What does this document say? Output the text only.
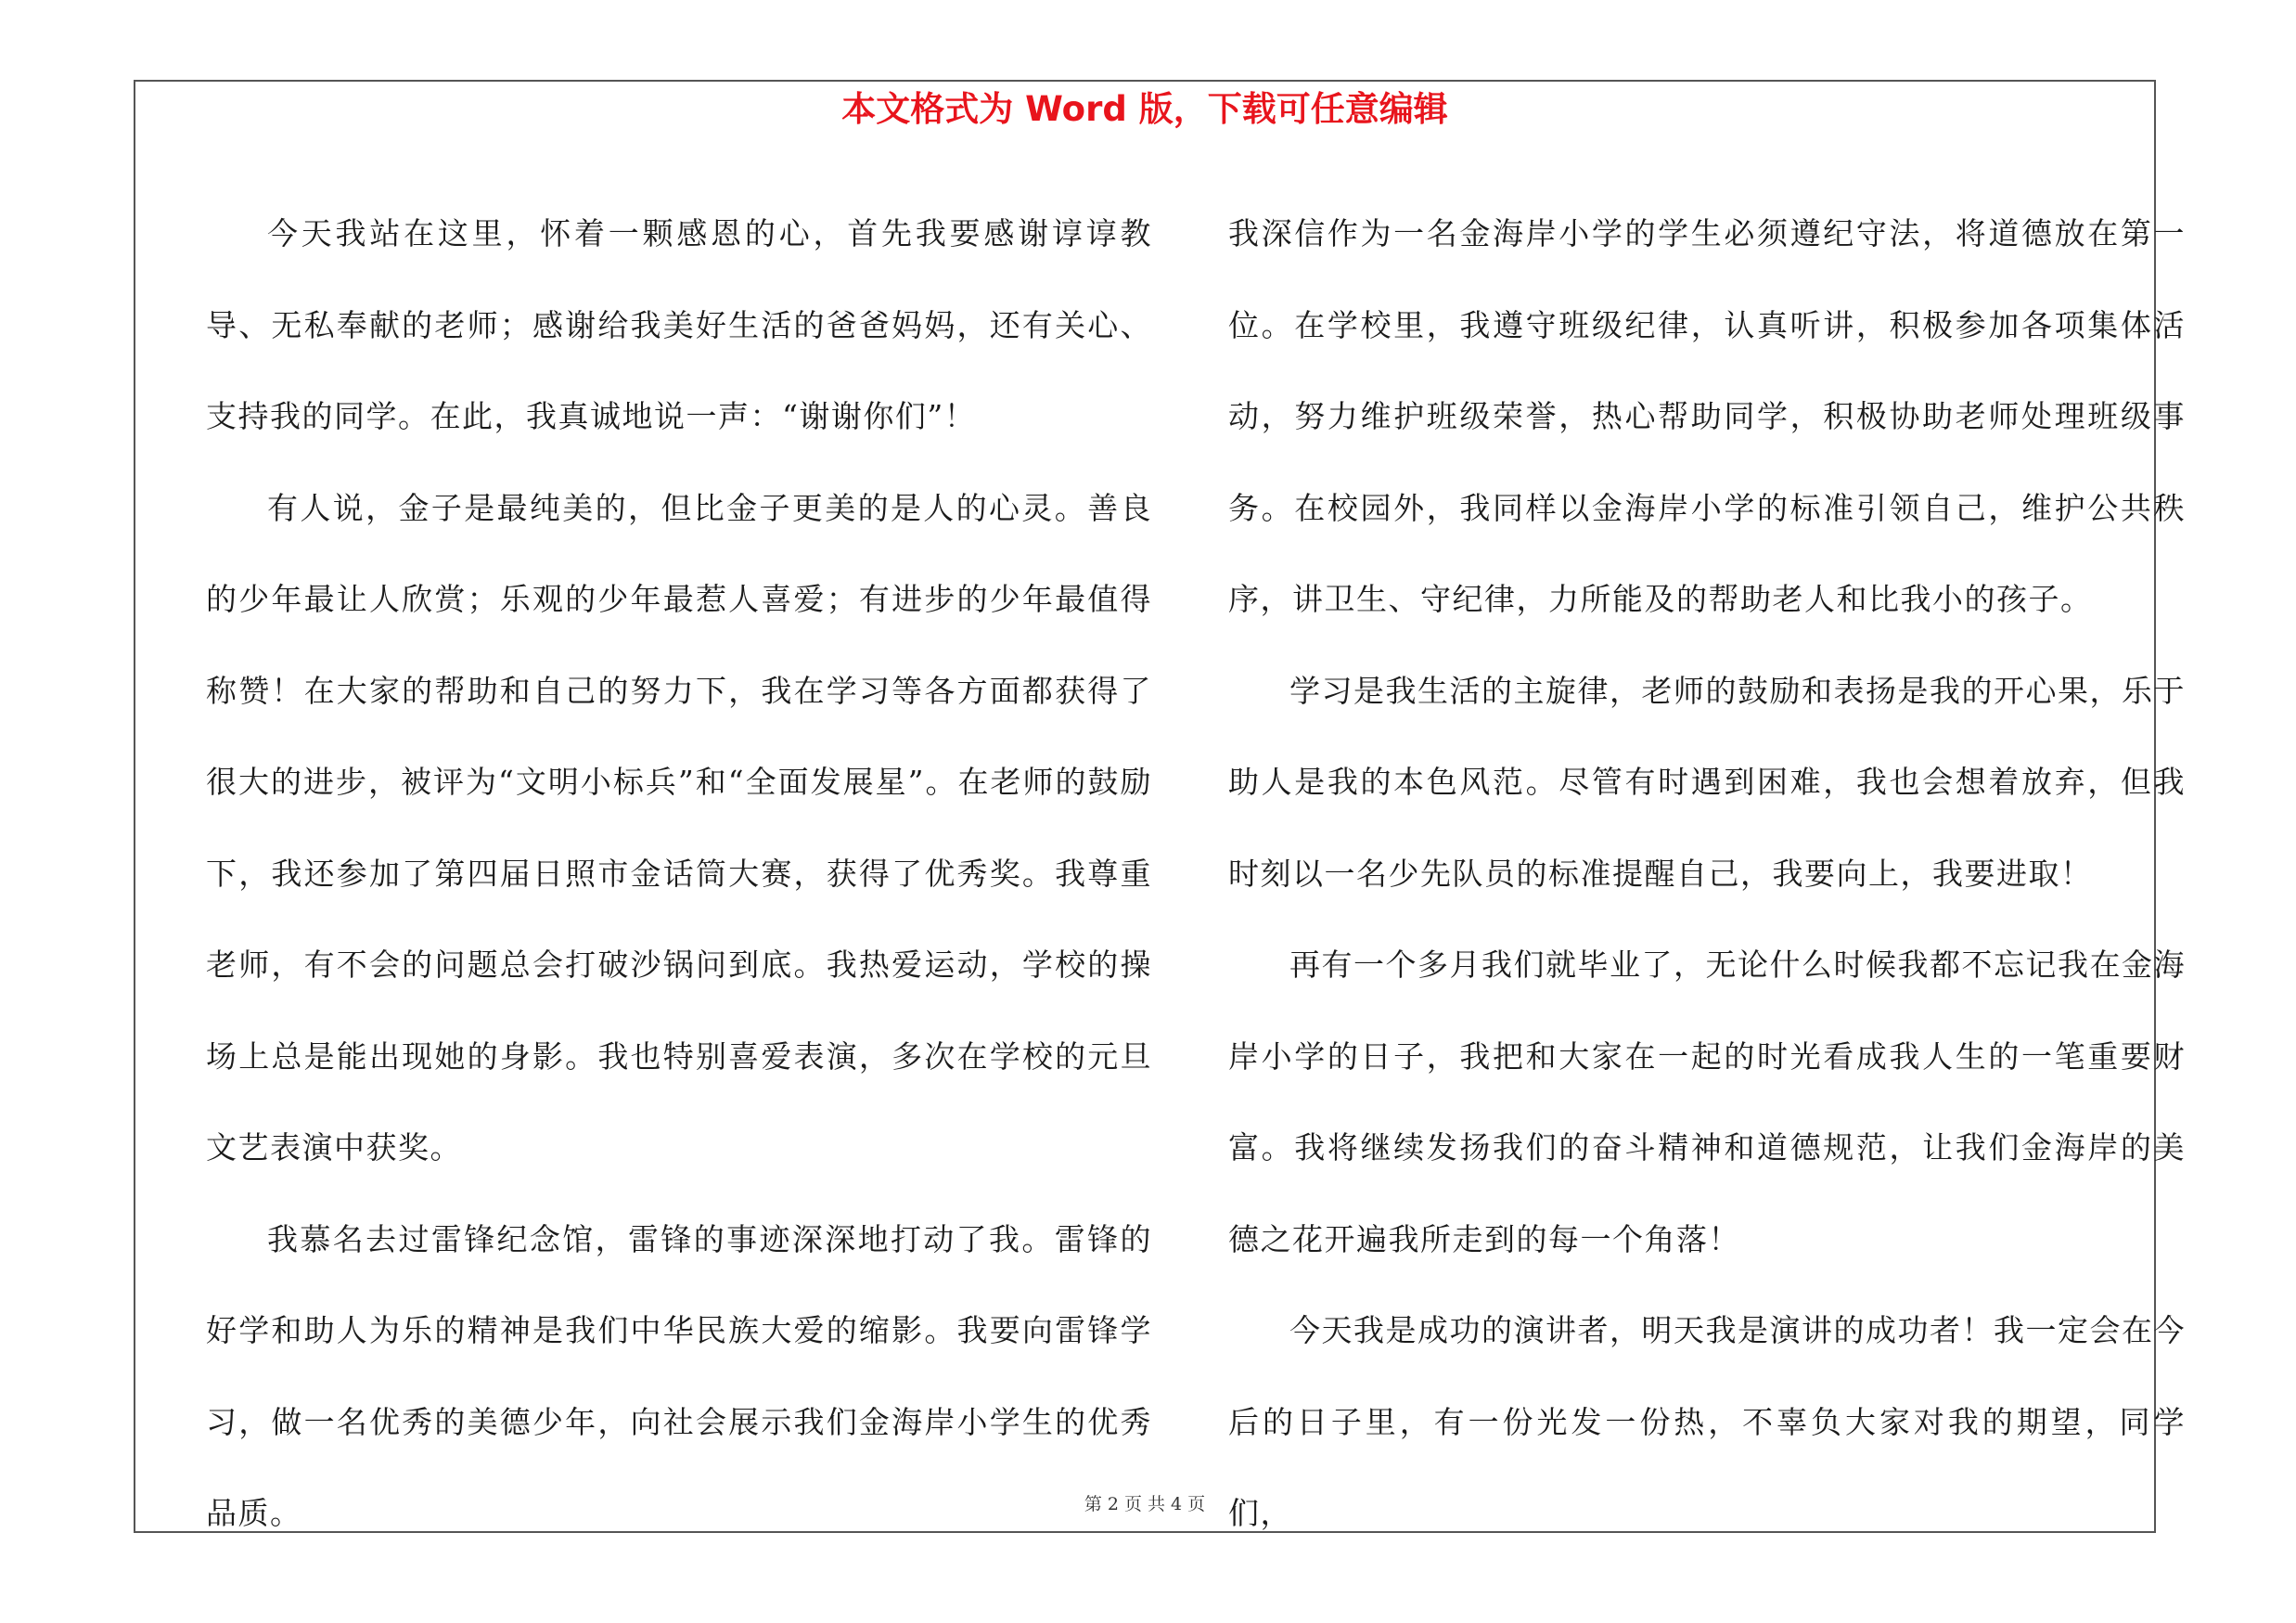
本文格式为 Word 版，下载可任意编辑

今天我站在这里，怀着一颗感恩的心，首先我要感谢谆谆教导、无私奉献的老师；感谢给我美好生活的爸爸妈妈，还有关心、支持我的同学。在此，我真诚地说一声：“谢谢你们”！

有人说，金子是最纯美的，但比金子更美的是人的心灵。善良的少年最让人欣赏；乐观的少年最惹人喜爱；有进步的少年最值得称赞！在大家的帮助和自己的努力下，我在学习等各方面都获得了很大的进步，被评为“文明小标兵”和“全面发展星”。在老师的鼓励下，我还参加了第四届日照市金话筒大赛，获得了优秀奖。我尊重老师，有不会的问题总会打破沙锅问到底。我热爱运动，学校的操场上总是能出现她的身影。我也特别喜爱表演，多次在学校的元旦文艺表演中获奖。

我慕名去过雷锋纪念馆，雷锋的事迹深深地打动了我。雷锋的好学和助人为乐的精神是我们中华民族大爱的缩影。我要向雷锋学习，做一名优秀的美德少年，向社会展示我们金海岸小学生的优秀品质。

我深信作为一名金海岸小学的学生必须遵纪守法，将道德放在第一位。在学校里，我遵守班级纪律，认真听讲，积极参加各项集体活动，努力维护班级荣誉，热心帮助同学，积极协助老师处理班级事务。在校园外，我同样以金海岸小学的标准引领自己，维护公共秩序，讲卫生、守纪律，力所能及的帮助老人和比我小的孩子。

学习是我生活的主旋律，老师的鼓励和表扬是我的开心果，乐于助人是我的本色风范。尽管有时遇到困难，我也会想着放弃，但我时刻以一名少先队员的标准提醒自己，我要向上，我要进取！

再有一个多月我们就毕业了，无论什么时候我都不忘记我在金海岸小学的日子，我把和大家在一起的时光看成我人生的一笔重要财富。我将继续发扬我们的奋斗精神和道德规范，让我们金海岸的美德之花开遍我所走到的每一个角落！

今天我是成功的演讲者，明天我是演讲的成功者！我一定会在今后的日子里，有一份光发一份热，不辜负大家对我的期望，同学们，

第 2 页 共 4 页
